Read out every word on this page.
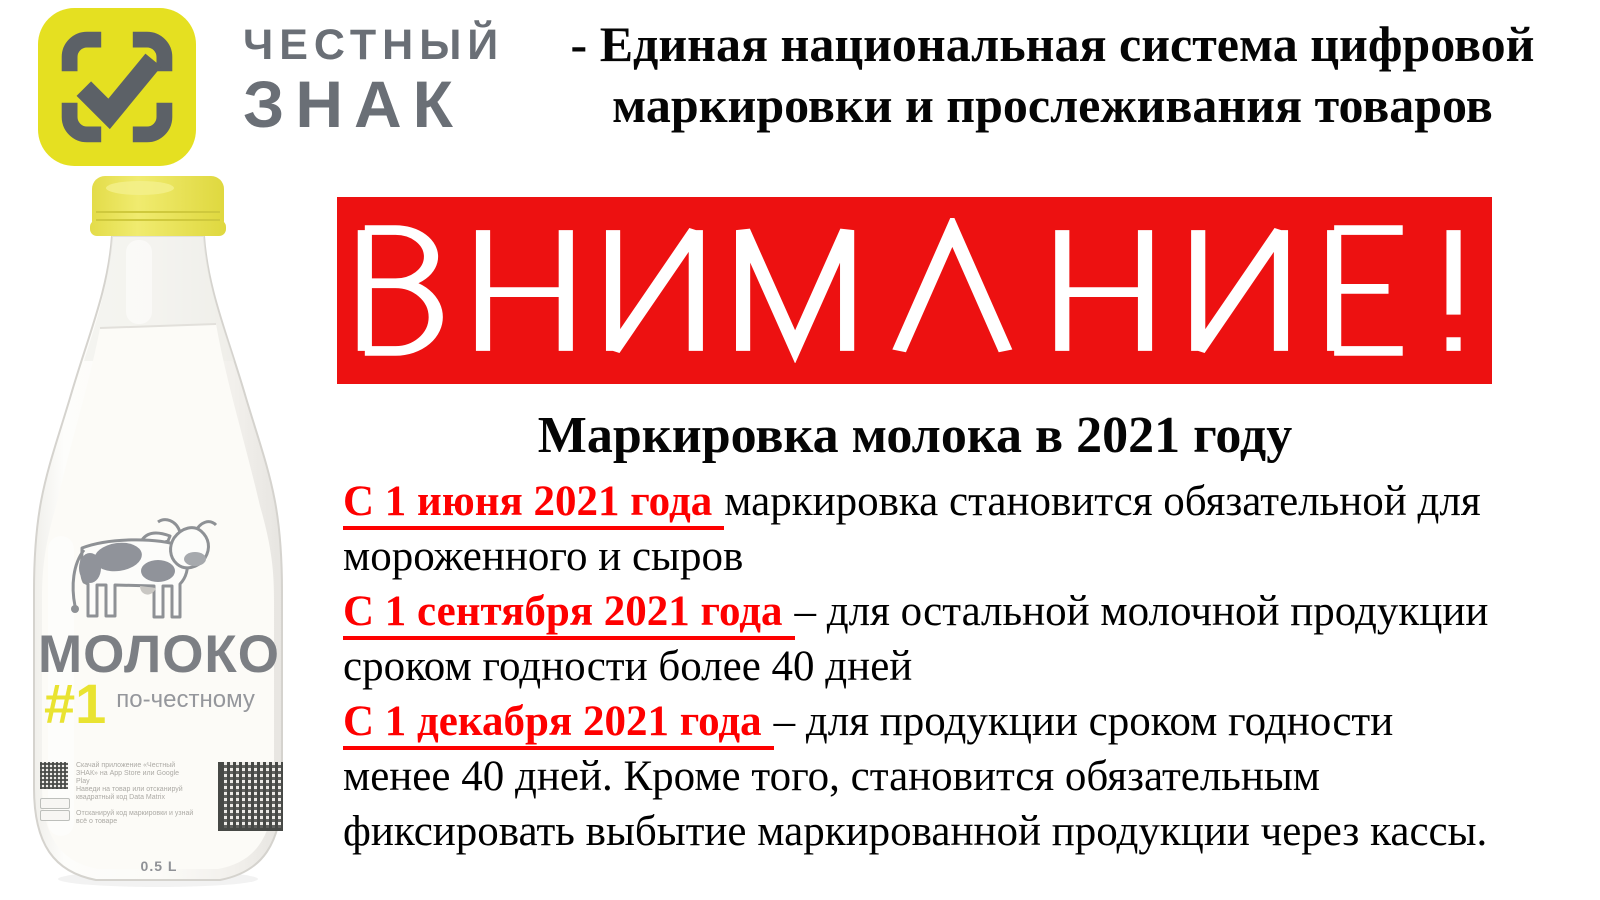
ЧЕСТНЫЙ
ЗНАК
- Единая национальная система цифровой
маркировки и прослеживания товаров
Маркировка молока в 2021 году
С 1 июня 2021 года маркировка становится обязательной для
мороженного и сыров
С 1 сентября 2021 года – для остальной молочной продукции
сроком годности более 40 дней
С 1 декабря 2021 года – для продукции сроком годности
менее 40 дней. Кроме того, становится обязательным
фиксировать выбытие маркированной продукции через кассы.
МОЛОКО
#1 по-честному
Скачай приложение «Честный ЗНАК» на App Store или Google Play
Наведи на товар или отсканируй квадратный код Data Matrix
Отсканируй код маркировки и узнай всё о товаре
0.5 L
